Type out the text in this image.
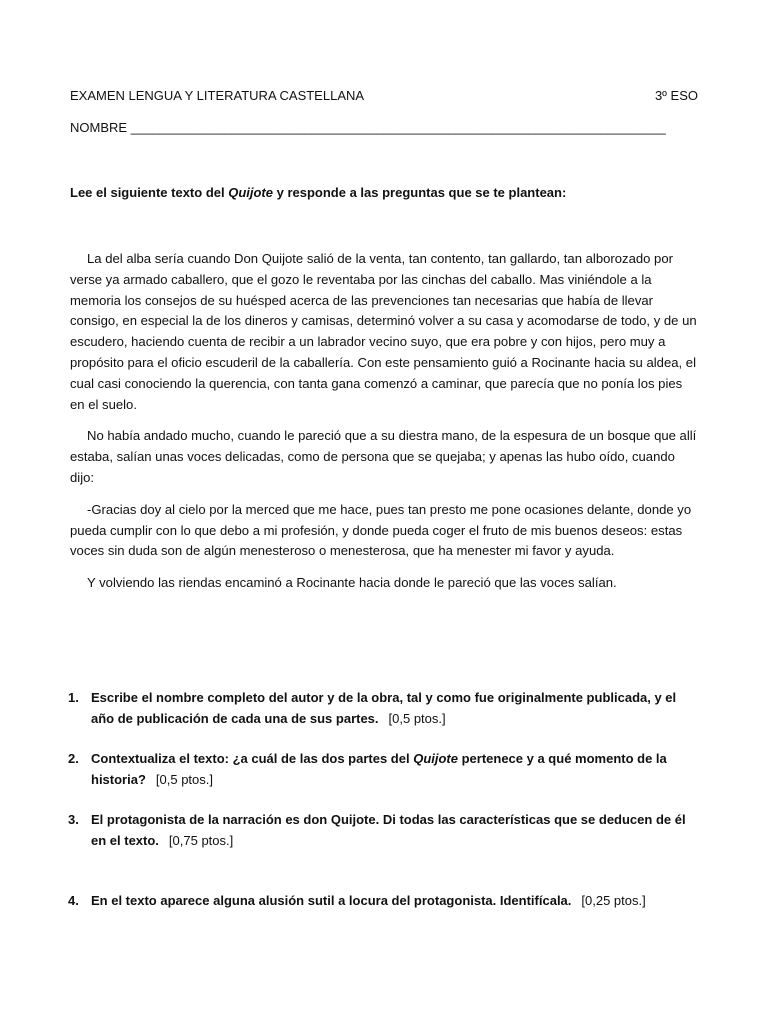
EXAMEN LENGUA Y LITERATURA CASTELLANA	3º ESO
NOMBRE __________________________________________________________________________
Lee el siguiente texto del Quijote y responde a las preguntas que se te plantean:

La del alba sería cuando Don Quijote salió de la venta, tan contento, tan gallardo, tan alborozado por verse ya armado caballero, que el gozo le reventaba por las cinchas del caballo. Mas viniéndole a la memoria los consejos de su huésped acerca de las prevenciones tan necesarias que había de llevar consigo, en especial la de los dineros y camisas, determinó volver a su casa y acomodarse de todo, y de un escudero, haciendo cuenta de recibir a un labrador vecino suyo, que era pobre y con hijos, pero muy a propósito para el oficio escuderil de la caballería. Con este pensamiento guió a Rocinante hacia su aldea, el cual casi conociendo la querencia, con tanta gana comenzó a caminar, que parecía que no ponía los pies en el suelo.

No había andado mucho, cuando le pareció que a su diestra mano, de la espesura de un bosque que allí estaba, salían unas voces delicadas, como de persona que se quejaba; y apenas las hubo oído, cuando dijo:

-Gracias doy al cielo por la merced que me hace, pues tan presto me pone ocasiones delante, donde yo pueda cumplir con lo que debo a mi profesión, y donde pueda coger el fruto de mis buenos deseos: estas voces sin duda son de algún menesteroso o menesterosa, que ha menester mi favor y ayuda.

Y volviendo las riendas encaminó a Rocinante hacia donde le pareció que las voces salían.

1. Escribe el nombre completo del autor y de la obra, tal y como fue originalmente publicada, y el año de publicación de cada una de sus partes. [0,5 ptos.]
2. Contextualiza el texto: ¿a cuál de las dos partes del Quijote pertenece y a qué momento de la historia? [0,5 ptos.]
3. El protagonista de la narración es don Quijote. Di todas las características que se deducen de él en el texto. [0,75 ptos.]
4. En el texto aparece alguna alusión sutil a locura del protagonista. Identifícala. [0,25 ptos.]
